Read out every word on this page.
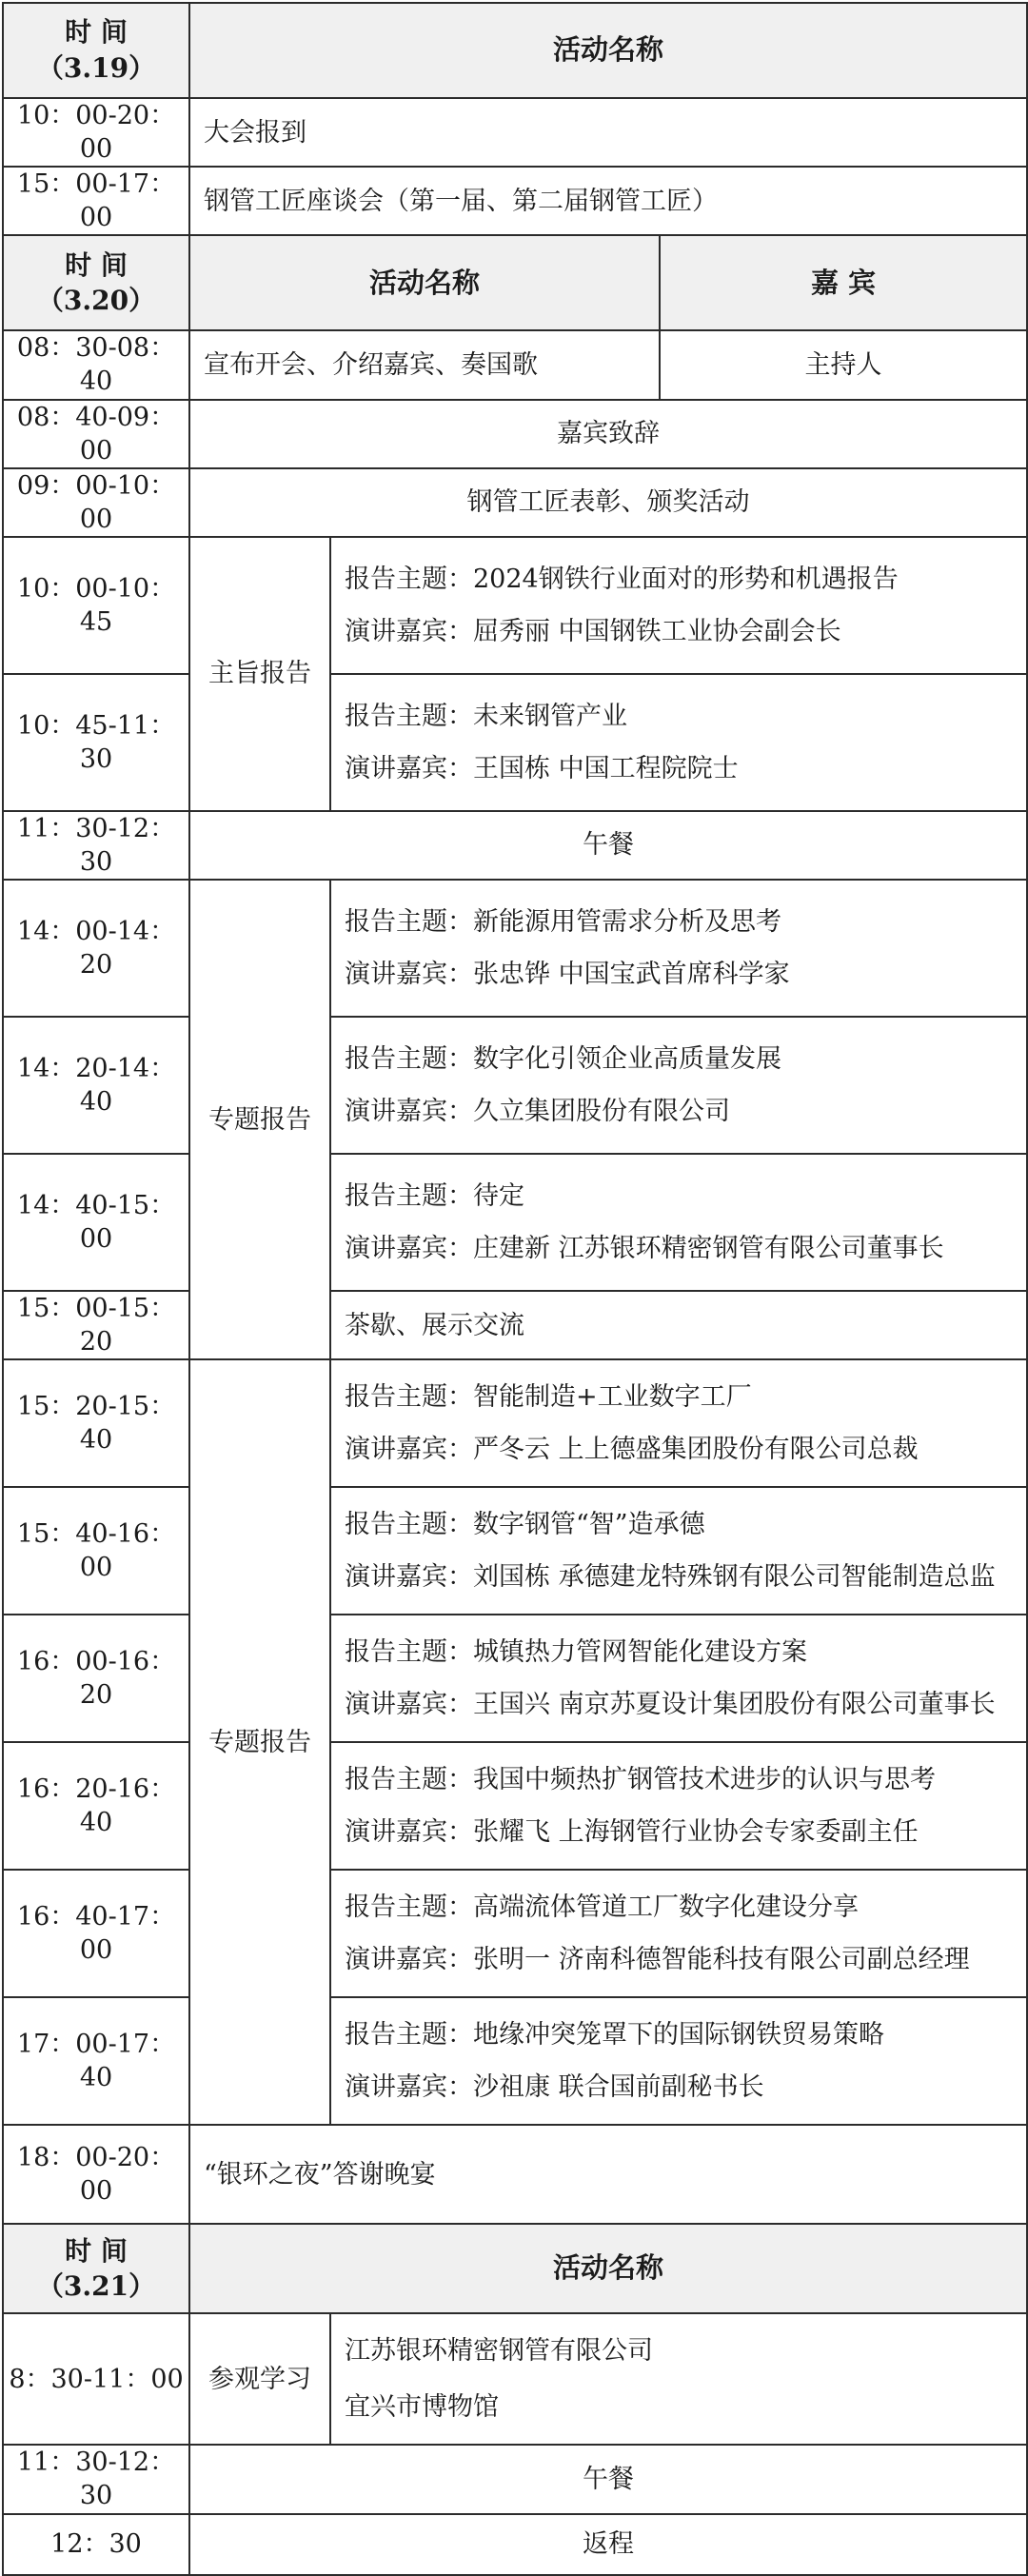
时 间
（3.19）	活动名称		
10：00-20：00	大会报到		
15：00-17：00	钢管工匠座谈会（第一届、第二届钢管工匠）		

时 间
（3.20）	活动名称		嘉 宾
08：30-08：40	宣布开会、介绍嘉宾、奏国歌		主持人
08：40-09：00	嘉宾致辞		
09：00-10：00	钢管工匠表彰、颁奖活动		
10：00-10：45	主旨报告	报告主题：2024钢铁行业面对的形势和机遇报告
演讲嘉宾：屈秀丽 中国钢铁工业协会副会长	

10：45-11：30		报告主题：未来钢管产业
演讲嘉宾：王国栋 中国工程院院士	

11：30-12：30	午餐		
14：00-14：20	专题报告	报告主题：新能源用管需求分析及思考
演讲嘉宾：张忠铧 中国宝武首席科学家	

14：20-14：40		报告主题：数字化引领企业高质量发展
演讲嘉宾：久立集团股份有限公司	

14：40-15：00		报告主题：待定
演讲嘉宾：庄建新 江苏银环精密钢管有限公司董事长	

15：00-15：20		茶歇、展示交流	
15：20-15：40	专题报告	报告主题：智能制造+工业数字工厂
演讲嘉宾：严冬云 上上德盛集团股份有限公司总裁	

15：40-16：00		报告主题：数字钢管“智”造承德
演讲嘉宾：刘国栋 承德建龙特殊钢有限公司智能制造总监	

16：00-16：20		报告主题：城镇热力管网智能化建设方案
演讲嘉宾：王国兴 南京苏夏设计集团股份有限公司董事长	

16：20-16：40		报告主题：我国中频热扩钢管技术进步的认识与思考
演讲嘉宾：张耀飞 上海钢管行业协会专家委副主任	

16：40-17：00		报告主题：高端流体管道工厂数字化建设分享
演讲嘉宾：张明一 济南科德智能科技有限公司副总经理	

17：00-17：40		报告主题：地缘冲突笼罩下的国际钢铁贸易策略
演讲嘉宾：沙祖康 联合国前副秘书长	

18：00-20：00	“银环之夜”答谢晚宴		

时 间
（3.21）	活动名称		
8：30-11：00	参观学习	江苏银环精密钢管有限公司
宜兴市博物馆	

11：30-12：30	午餐		
12：30	返程		
